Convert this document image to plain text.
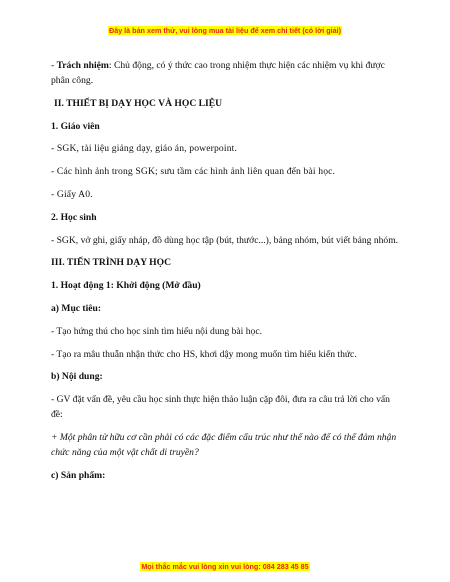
Đây là bản xem thử, vui lòng mua tài liệu để xem chi tiết (có lời giải)

- Trách nhiệm: Chủ động, có ý thức cao trong nhiệm thực hiện các nhiệm vụ khi được phân công.

II. THIẾT BỊ DẠY HỌC VÀ HỌC LIỆU

1. Giáo viên

- SGK, tài liệu giảng dạy, giáo án, powerpoint.

- Các hình ảnh trong SGK; sưu tầm các hình ảnh liên quan đến bài học.

- Giấy A0.

2. Học sinh

- SGK, vở ghi, giấy nháp, đồ dùng học tập (bút, thước...), bảng nhóm, bút viết bảng nhóm.

III. TIẾN TRÌNH DẠY HỌC

1. Hoạt động 1: Khởi động (Mở đầu)

a) Mục tiêu:

- Tạo hứng thú cho học sinh tìm hiểu nội dung bài học.

- Tạo ra mâu thuẫn nhận thức cho HS, khơi dậy mong muốn tìm hiểu kiến thức.

b) Nội dung:

- GV đặt vấn đề, yêu cầu học sinh thực hiện thảo luận cặp đôi, đưa ra câu trả lời cho vấn đề:

+ Một phân tử hữu cơ cần phải có các đặc điểm cấu trúc như thế nào để có thể đảm nhận chức năng của một vật chất di truyền?

c) Sản phẩm:

Mọi thắc mắc vui lòng xin vui lòng: 084 283 45 85
